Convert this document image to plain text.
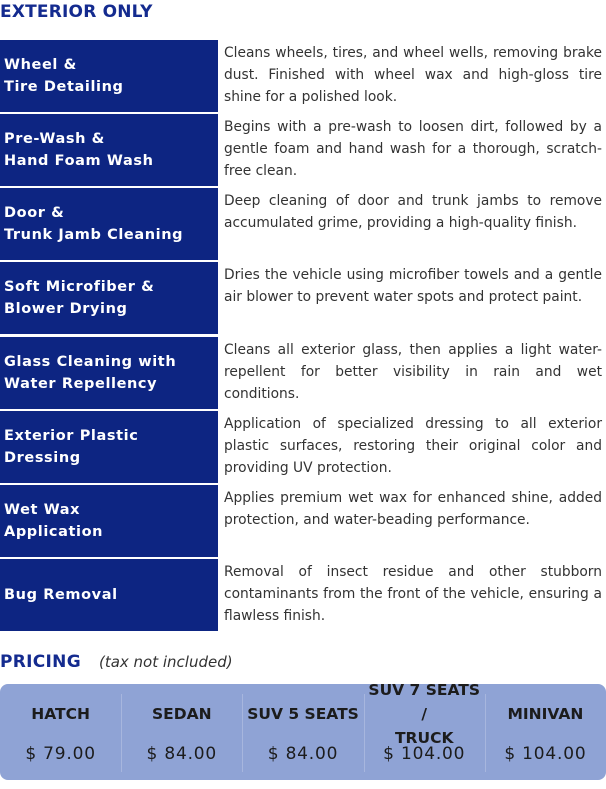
EXTERIOR ONLY
Wheel &
Tire Detailing
Cleans wheels, tires, and wheel wells, removing brake dust. Finished with wheel wax and high-gloss tire shine for a polished look.
Pre-Wash &
Hand Foam Wash
Begins with a pre-wash to loosen dirt, followed by a gentle foam and hand wash for a thorough, scratch-free clean.
Door &
Trunk Jamb Cleaning
Deep cleaning of door and trunk jambs to remove accumulated grime, providing a high-quality finish.
Soft Microfiber &
Blower Drying
Dries the vehicle using microfiber towels and a gentle air blower to prevent water spots and protect paint.
Glass Cleaning with
Water Repellency
Cleans all exterior glass, then applies a light water-repellent for better visibility in rain and wet conditions.
Exterior Plastic
Dressing
Application of specialized dressing to all exterior plastic surfaces, restoring their original color and providing UV protection.
Wet Wax
Application
Applies premium wet wax for enhanced shine, added protection, and water-beading performance.
Bug Removal
Removal of insect residue and other stubborn contaminants from the front of the vehicle, ensuring a flawless finish.
PRICING (tax not included)
HATCH
$ 79.00
SEDAN
$ 84.00
SUV 5 SEATS
$ 84.00
SUV 7 SEATS /
TRUCK
$ 104.00
MINIVAN
$ 104.00
